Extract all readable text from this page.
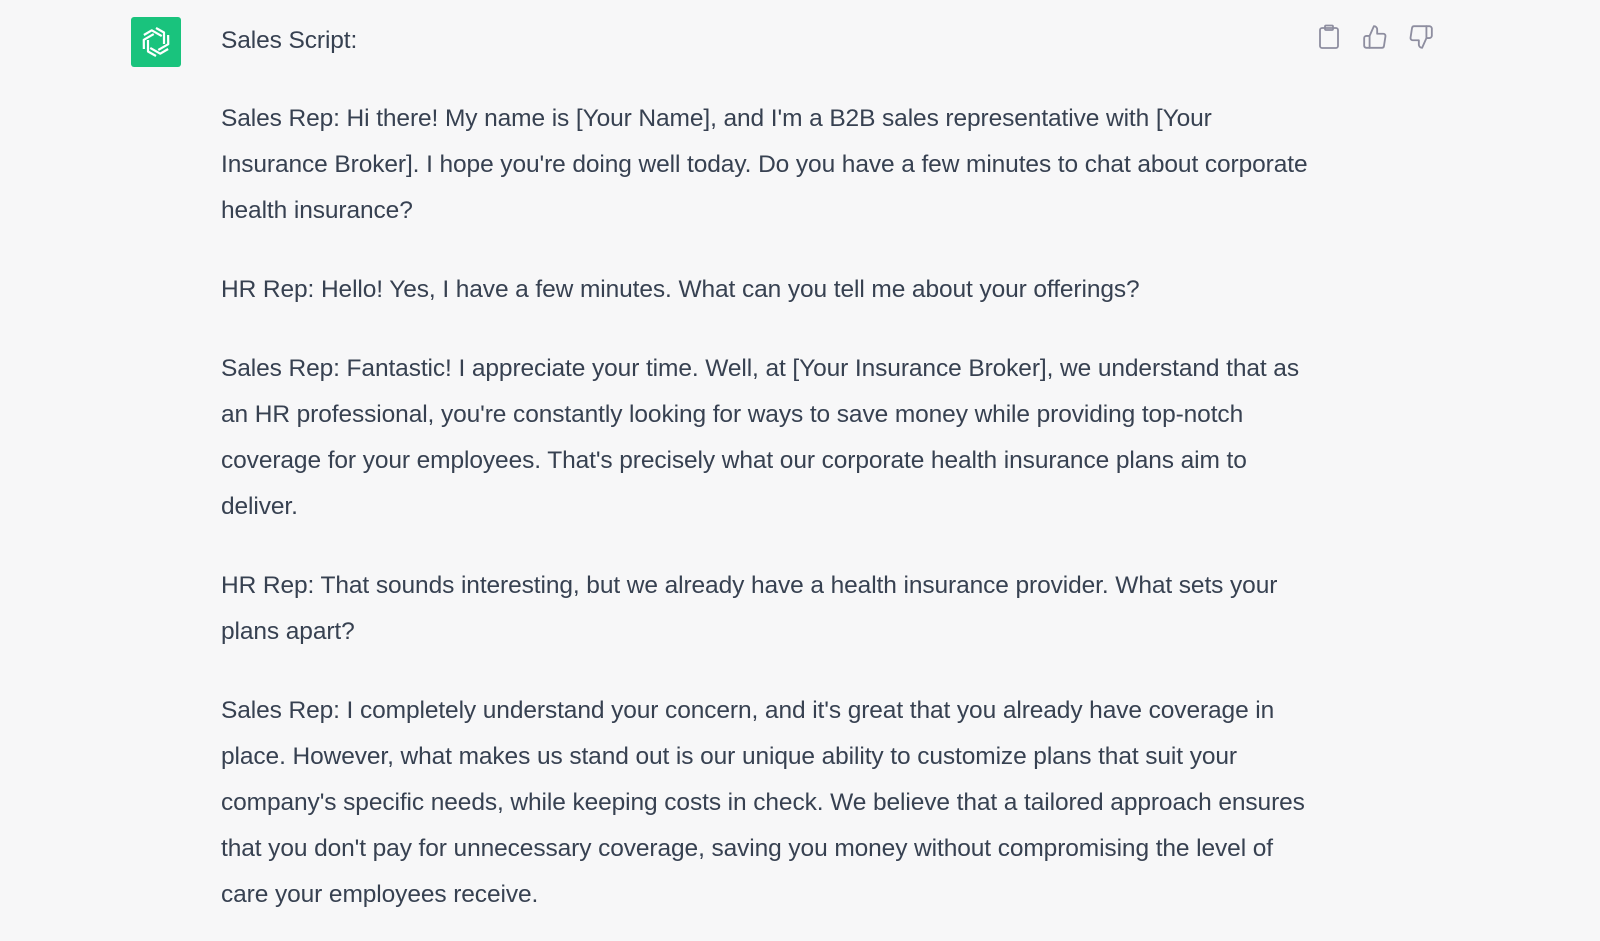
Sales Script:

Sales Rep: Hi there! My name is [Your Name], and I'm a B2B sales representative with [Your Insurance Broker]. I hope you're doing well today. Do you have a few minutes to chat about corporate health insurance?

HR Rep: Hello! Yes, I have a few minutes. What can you tell me about your offerings?

Sales Rep: Fantastic! I appreciate your time. Well, at [Your Insurance Broker], we understand that as an HR professional, you're constantly looking for ways to save money while providing top-notch coverage for your employees. That's precisely what our corporate health insurance plans aim to deliver.

HR Rep: That sounds interesting, but we already have a health insurance provider. What sets your plans apart?

Sales Rep: I completely understand your concern, and it's great that you already have coverage in place. However, what makes us stand out is our unique ability to customize plans that suit your company's specific needs, while keeping costs in check. We believe that a tailored approach ensures that you don't pay for unnecessary coverage, saving you money without compromising the level of care your employees receive.
